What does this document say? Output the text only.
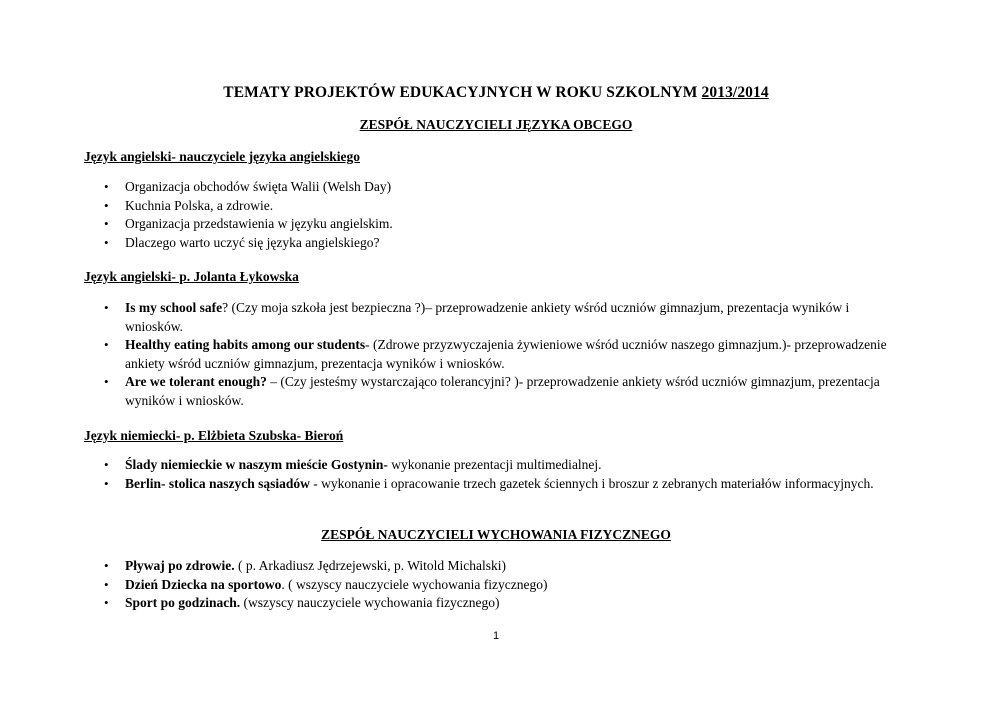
TEMATY PROJEKTÓW EDUKACYJNYCH W ROKU SZKOLNYM 2013/2014
ZESPÓŁ NAUCZYCIELI JĘZYKA OBCEGO
Język angielski- nauczyciele języka angielskiego
• Organizacja obchodów święta Walii (Welsh Day)
• Kuchnia Polska, a zdrowie.
• Organizacja przedstawienia w języku angielskim.
• Dlaczego warto uczyć się języka angielskiego?
Język angielski- p. Jolanta Łykowska
• Is my school safe? (Czy moja szkoła jest bezpieczna ?)– przeprowadzenie ankiety wśród uczniów gimnazjum, prezentacja wyników i wniosków.
• Healthy eating habits among our students- (Zdrowe przyzwyczajenia żywieniowe wśród uczniów naszego gimnazjum.)- przeprowadzenie ankiety wśród uczniów gimnazjum, prezentacja wyników i wniosków.
• Are we tolerant enough? – (Czy jesteśmy wystarczająco tolerancyjni? )- przeprowadzenie ankiety wśród uczniów gimnazjum, prezentacja wyników i wniosków.
Język niemiecki- p. Elżbieta Szubska- Bieroń
• Ślady niemieckie w naszym mieście Gostynin- wykonanie prezentacji multimedialnej.
• Berlin- stolica naszych sąsiadów - wykonanie i opracowanie trzech gazetek ściennych i broszur z zebranych materiałów informacyjnych.
ZESPÓŁ NAUCZYCIELI WYCHOWANIA FIZYCZNEGO
• Pływaj po zdrowie. ( p. Arkadiusz Jędrzejewski, p. Witold Michalski)
• Dzień Dziecka na sportowo. ( wszyscy nauczyciele wychowania fizycznego)
• Sport po godzinach. (wszyscy nauczyciele wychowania fizycznego)
1
